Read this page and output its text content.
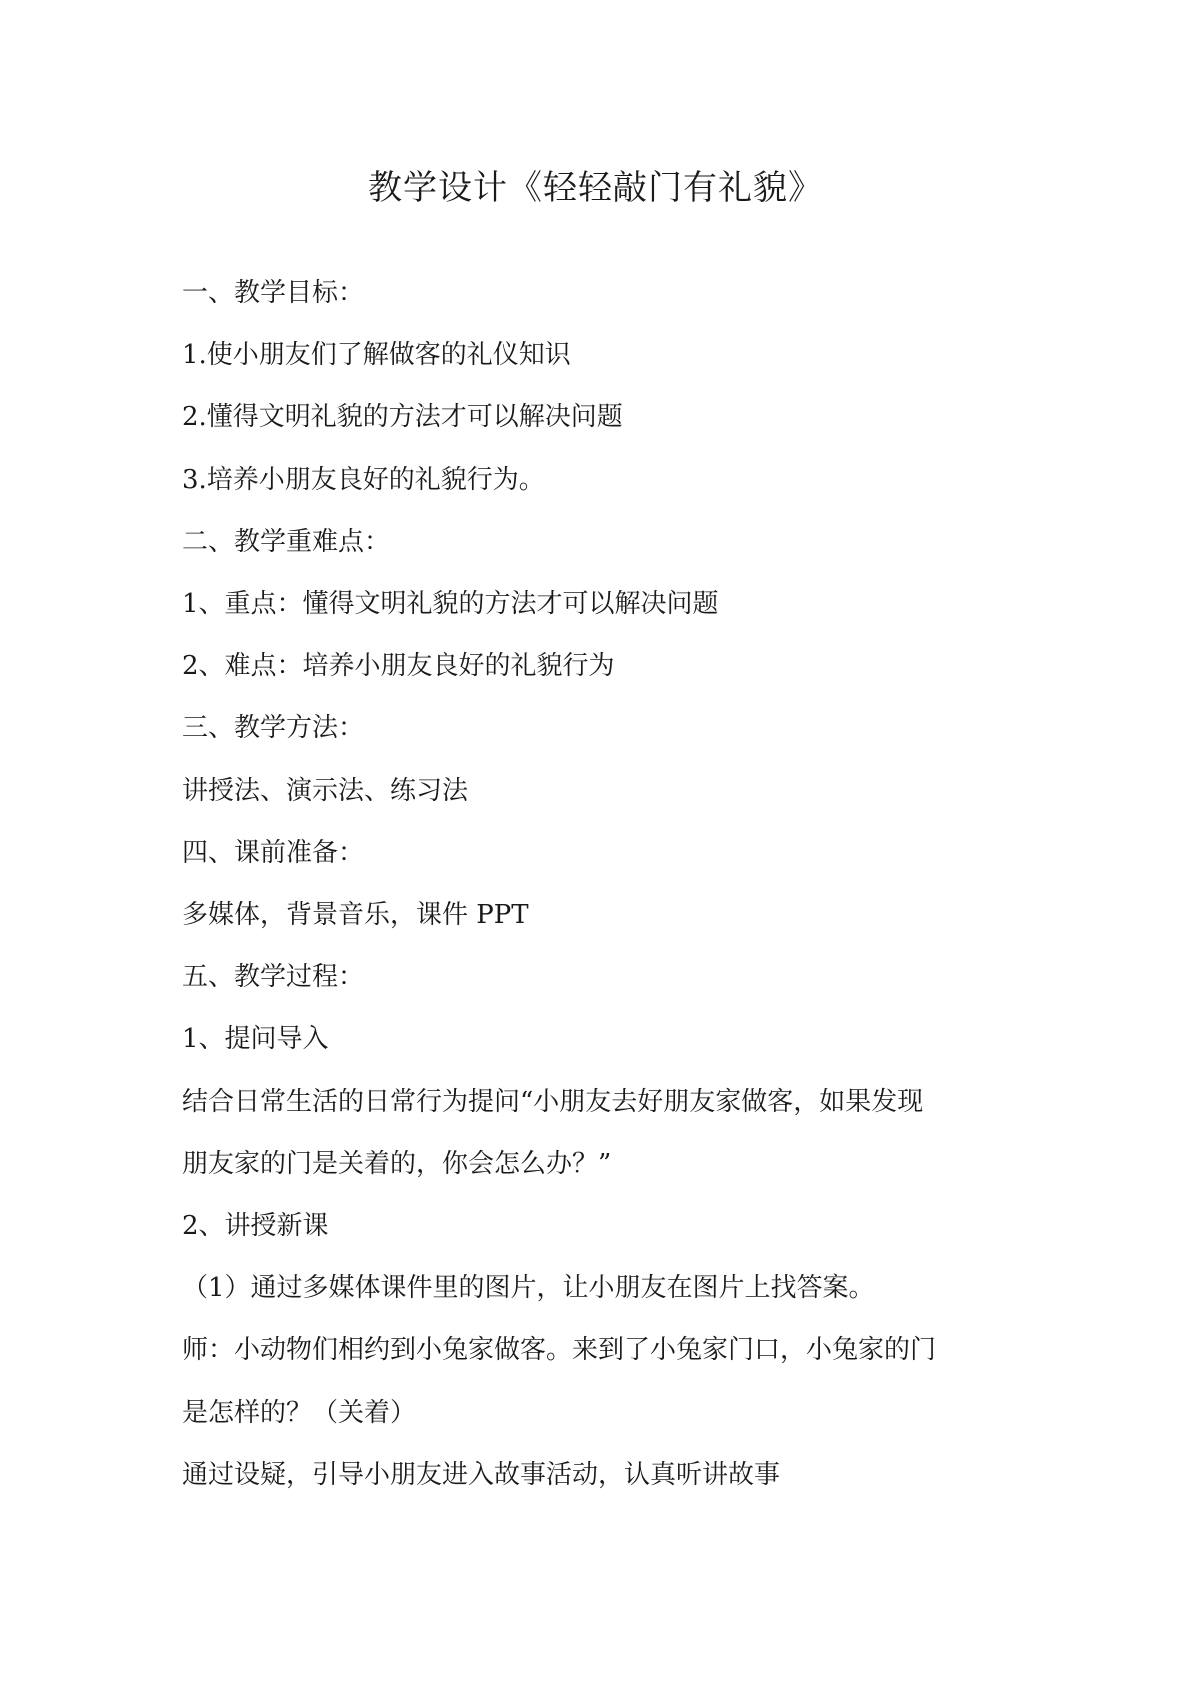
教学设计《轻轻敲门有礼貌》

一、教学目标：

1.使小朋友们了解做客的礼仪知识

2.懂得文明礼貌的方法才可以解决问题

3.培养小朋友良好的礼貌行为。

二、教学重难点：

1、重点：懂得文明礼貌的方法才可以解决问题

2、难点：培养小朋友良好的礼貌行为

三、教学方法：

讲授法、演示法、练习法

四、课前准备：

多媒体，背景音乐，课件 PPT

五、教学过程：

1、提问导入

结合日常生活的日常行为提问“小朋友去好朋友家做客，如果发现

朋友家的门是关着的，你会怎么办？”

2、讲授新课

（1）通过多媒体课件里的图片，让小朋友在图片上找答案。

师：小动物们相约到小兔家做客。来到了小兔家门口，小兔家的门

是怎样的？（关着）

通过设疑，引导小朋友进入故事活动，认真听讲故事
